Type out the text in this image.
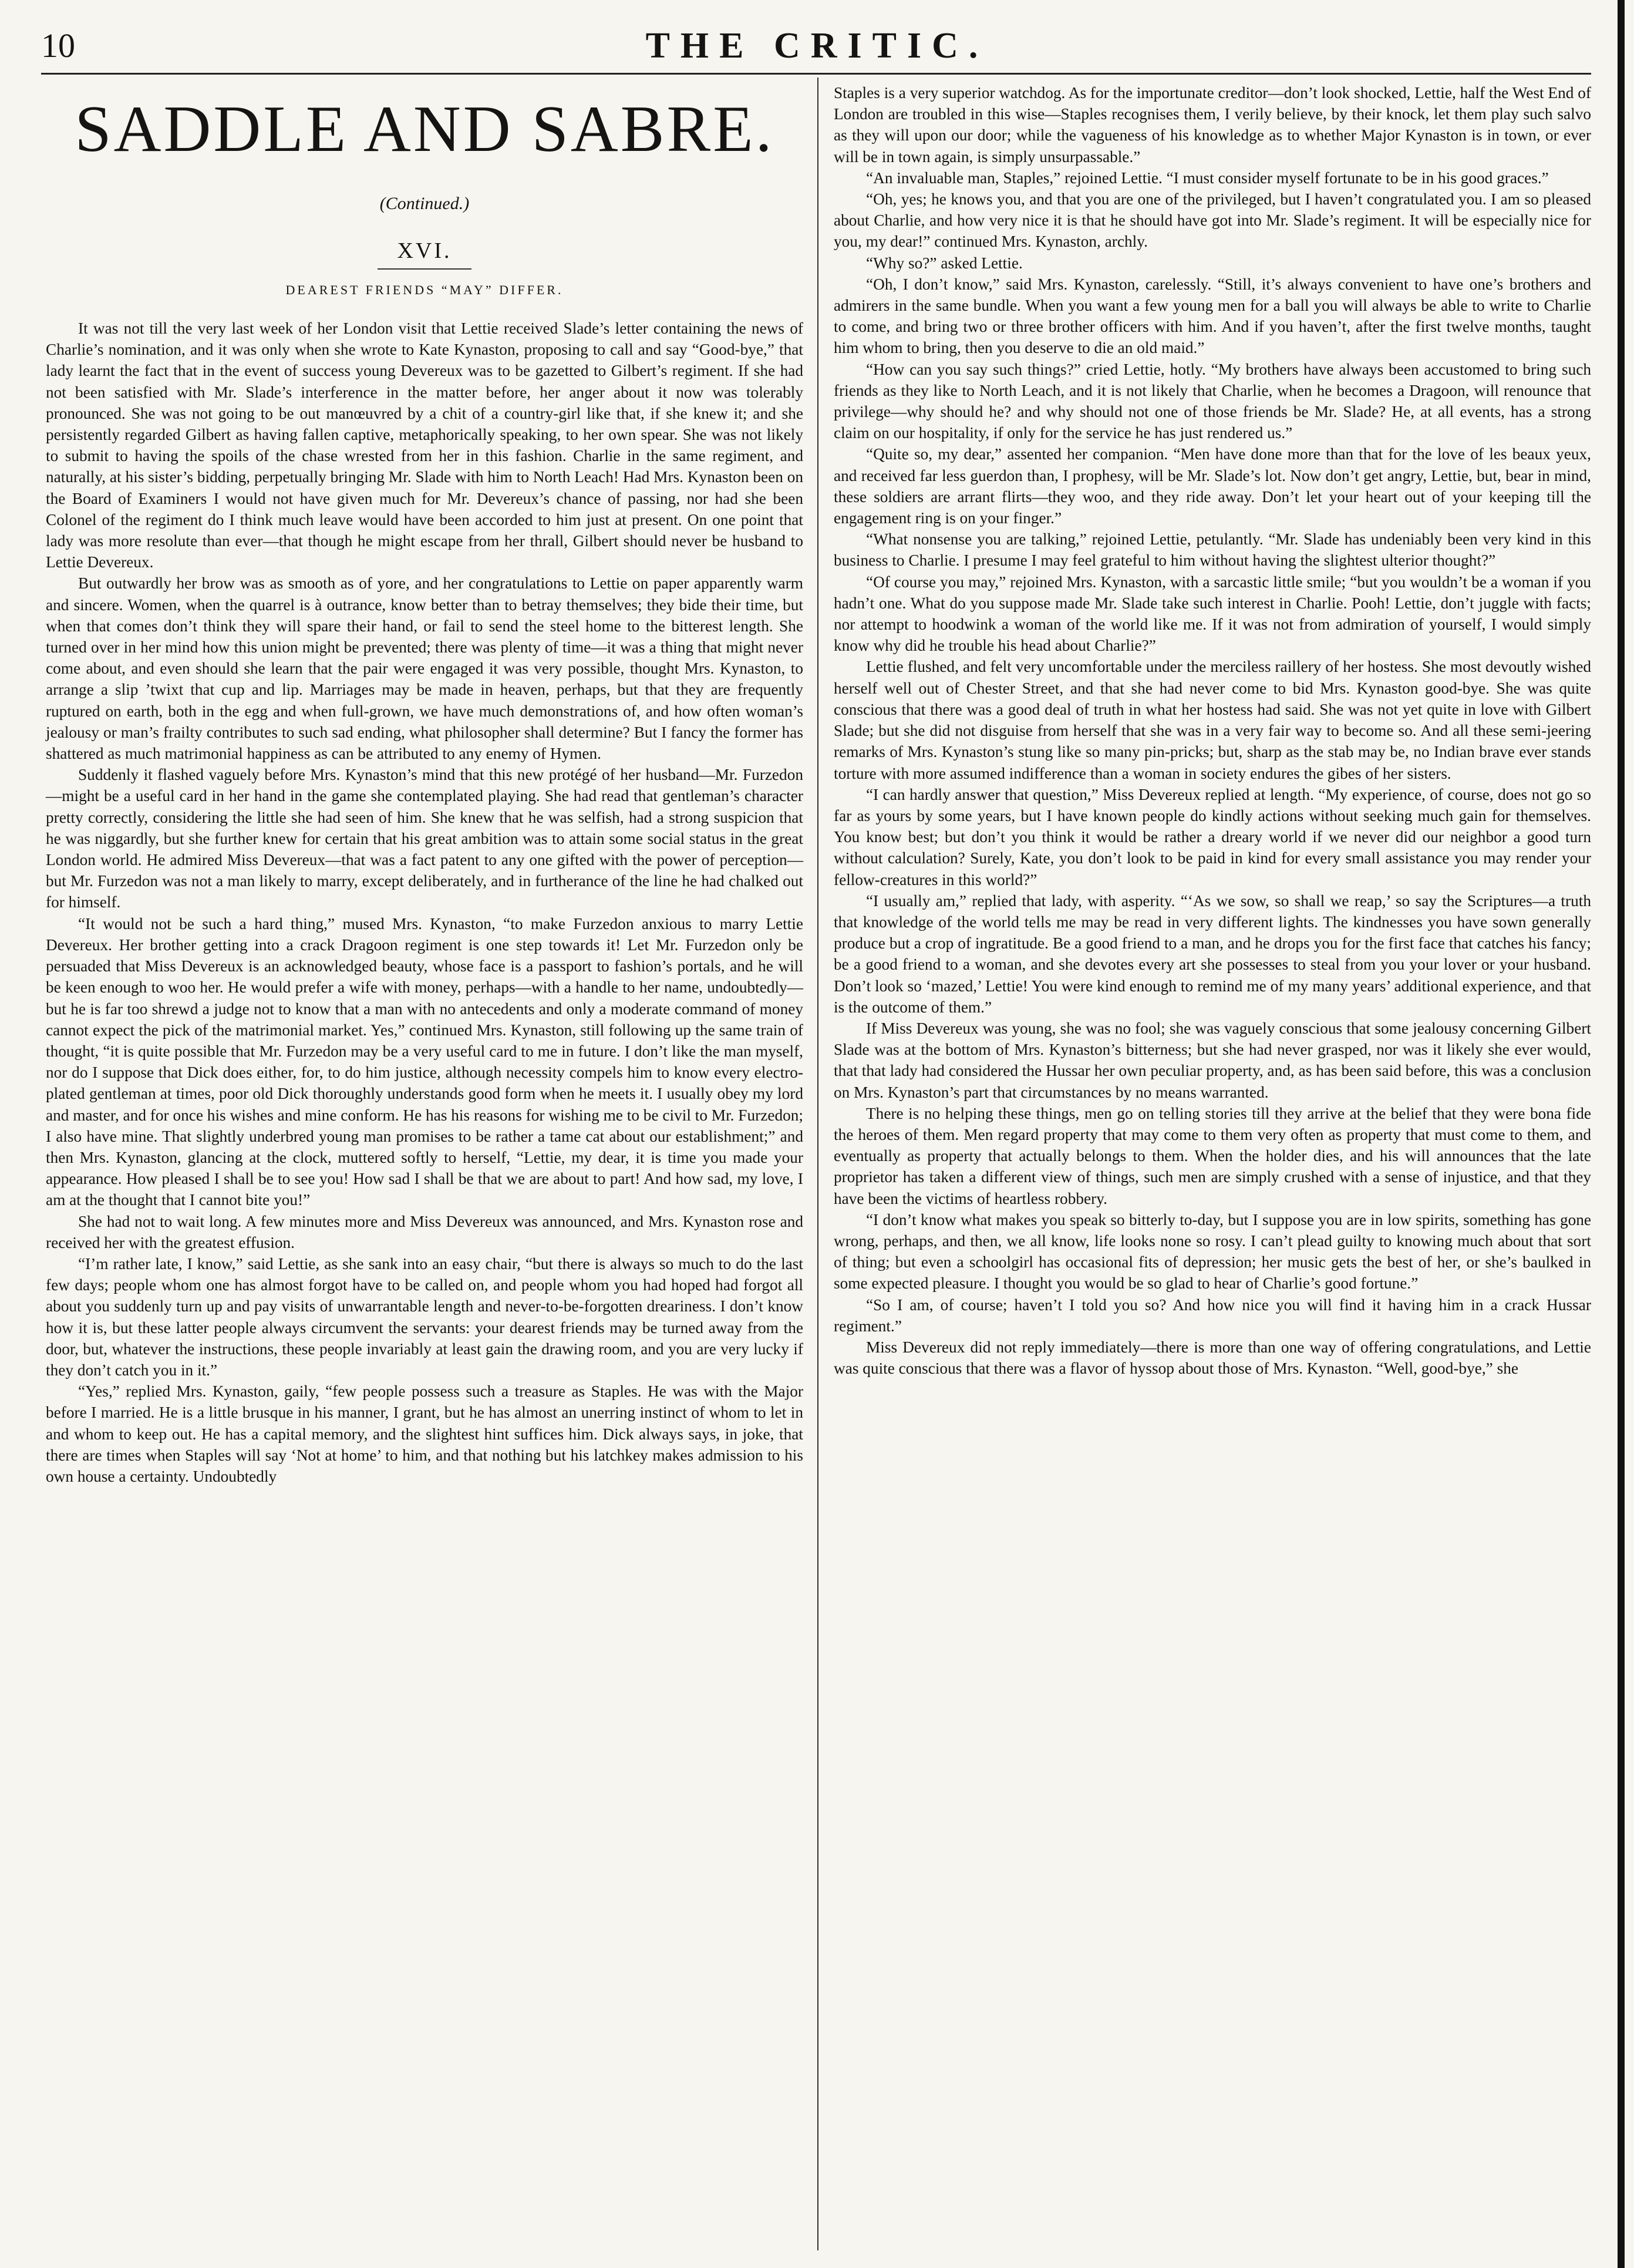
10	THE CRITIC.
SADDLE AND SABRE.
(Continued.)
XVI.
DEAREST FRIENDS “MAY” DIFFER.

It was not till the very last week of her London visit that Lettie received Slade’s letter containing the news of Charlie’s nomination, and it was only when she wrote to Kate Kynaston, proposing to call and say “Good-bye,” that lady learnt the fact that in the event of success young Devereux was to be gazetted to Gilbert’s regiment. If she had not been satisfied with Mr. Slade’s interference in the matter before, her anger about it now was tolerably pronounced. She was not going to be out manœuvred by a chit of a country-girl like that, if she knew it; and she persistently regarded Gilbert as having fallen captive, metaphorically speaking, to her own spear. She was not likely to submit to having the spoils of the chase wrested from her in this fashion. Charlie in the same regiment, and naturally, at his sister’s bidding, perpetually bringing Mr. Slade with him to North Leach! Had Mrs. Kynaston been on the Board of Examiners I would not have given much for Mr. Devereux’s chance of passing, nor had she been Colonel of the regiment do I think much leave would have been accorded to him just at present. On one point that lady was more resolute than ever—that though he might escape from her thrall, Gilbert should never be husband to Lettie Devereux.

But outwardly her brow was as smooth as of yore, and her congratulations to Lettie on paper apparently warm and sincere. Women, when the quarrel is à outrance, know better than to betray themselves; they bide their time, but when that comes don’t think they will spare their hand, or fail to send the steel home to the bitterest length. She turned over in her mind how this union might be prevented; there was plenty of time—it was a thing that might never come about, and even should she learn that the pair were engaged it was very possible, thought Mrs. Kynaston, to arrange a slip ’twixt that cup and lip. Marriages may be made in heaven, perhaps, but that they are frequently ruptured on earth, both in the egg and when full-grown, we have much demonstrations of, and how often woman’s jealousy or man’s frailty contributes to such sad ending, what philosopher shall determine? But I fancy the former has shattered as much matrimonial happiness as can be attributed to any enemy of Hymen.

Suddenly it flashed vaguely before Mrs. Kynaston’s mind that this new protégé of her husband—Mr. Furzedon—might be a useful card in her hand in the game she contemplated playing. She had read that gentleman’s character pretty correctly, considering the little she had seen of him. She knew that he was selfish, had a strong suspicion that he was niggardly, but she further knew for certain that his great ambition was to attain some social status in the great London world. He admired Miss Devereux—that was a fact patent to any one gifted with the power of perception—but Mr. Furzedon was not a man likely to marry, except deliberately, and in furtherance of the line he had chalked out for himself.

“It would not be such a hard thing,” mused Mrs. Kynaston, “to make Furzedon anxious to marry Lettie Devereux. Her brother getting into a crack Dragoon regiment is one step towards it! Let Mr. Furzedon only be persuaded that Miss Devereux is an acknowledged beauty, whose face is a passport to fashion’s portals, and he will be keen enough to woo her. He would prefer a wife with money, perhaps—with a handle to her name, undoubtedly—but he is far too shrewd a judge not to know that a man with no antecedents and only a moderate command of money cannot expect the pick of the matrimonial market. Yes,” continued Mrs. Kynaston, still following up the same train of thought, “it is quite possible that Mr. Furzedon may be a very useful card to me in future. I don’t like the man myself, nor do I suppose that Dick does either, for, to do him justice, although necessity compels him to know every electro-plated gentleman at times, poor old Dick thoroughly understands good form when he meets it. I usually obey my lord and master, and for once his wishes and mine conform. He has his reasons for wishing me to be civil to Mr. Furzedon; I also have mine. That slightly underbred young man promises to be rather a tame cat about our establishment;” and then Mrs. Kynaston, glancing at the clock, muttered softly to herself, “Lettie, my dear, it is time you made your appearance. How pleased I shall be to see you! How sad I shall be that we are about to part! And how sad, my love, I am at the thought that I cannot bite you!”

She had not to wait long. A few minutes more and Miss Devereux was announced, and Mrs. Kynaston rose and received her with the greatest effusion.

“I’m rather late, I know,” said Lettie, as she sank into an easy chair, “but there is always so much to do the last few days; people whom one has almost forgot have to be called on, and people whom you had hoped had forgot all about you suddenly turn up and pay visits of unwarrantable length and never-to-be-forgotten dreariness. I don’t know how it is, but these latter people always circumvent the servants: your dearest friends may be turned away from the door, but, whatever the instructions, these people invariably at least gain the drawing room, and you are very lucky if they don’t catch you in it.”

“Yes,” replied Mrs. Kynaston, gaily, “few people possess such a treasure as Staples. He was with the Major before I married. He is a little brusque in his manner, I grant, but he has almost an unerring instinct of whom to let in and whom to keep out. He has a capital memory, and the slightest hint suffices him. Dick always says, in joke, that there are times when Staples will say ‘Not at home’ to him, and that nothing but his latchkey makes admission to his own house a certainty. Undoubtedly

Staples is a very superior watchdog. As for the importunate creditor—don’t look shocked, Lettie, half the West End of London are troubled in this wise—Staples recognises them, I verily believe, by their knock, let them play such salvo as they will upon our door; while the vagueness of his knowledge as to whether Major Kynaston is in town, or ever will be in town again, is simply unsurpassable.”

“An invaluable man, Staples,” rejoined Lettie. “I must consider myself fortunate to be in his good graces.”

“Oh, yes; he knows you, and that you are one of the privileged, but I haven’t congratulated you. I am so pleased about Charlie, and how very nice it is that he should have got into Mr. Slade’s regiment. It will be especially nice for you, my dear!” continued Mrs. Kynaston, archly.

“Why so?” asked Lettie.

“Oh, I don’t know,” said Mrs. Kynaston, carelessly. “Still, it’s always convenient to have one’s brothers and admirers in the same bundle. When you want a few young men for a ball you will always be able to write to Charlie to come, and bring two or three brother officers with him. And if you haven’t, after the first twelve months, taught him whom to bring, then you deserve to die an old maid.”

“How can you say such things?” cried Lettie, hotly. “My brothers have always been accustomed to bring such friends as they like to North Leach, and it is not likely that Charlie, when he becomes a Dragoon, will renounce that privilege—why should he? and why should not one of those friends be Mr. Slade? He, at all events, has a strong claim on our hospitality, if only for the service he has just rendered us.”

“Quite so, my dear,” assented her companion. “Men have done more than that for the love of les beaux yeux, and received far less guerdon than, I prophesy, will be Mr. Slade’s lot. Now don’t get angry, Lettie, but, bear in mind, these soldiers are arrant flirts—they woo, and they ride away. Don’t let your heart out of your keeping till the engagement ring is on your finger.”

“What nonsense you are talking,” rejoined Lettie, petulantly. “Mr. Slade has undeniably been very kind in this business to Charlie. I presume I may feel grateful to him without having the slightest ulterior thought?”

“Of course you may,” rejoined Mrs. Kynaston, with a sarcastic little smile; “but you wouldn’t be a woman if you hadn’t one. What do you suppose made Mr. Slade take such interest in Charlie. Pooh! Lettie, don’t juggle with facts; nor attempt to hoodwink a woman of the world like me. If it was not from admiration of yourself, I would simply know why did he trouble his head about Charlie?”

Lettie flushed, and felt very uncomfortable under the merciless raillery of her hostess. She most devoutly wished herself well out of Chester Street, and that she had never come to bid Mrs. Kynaston good-bye. She was quite conscious that there was a good deal of truth in what her hostess had said. She was not yet quite in love with Gilbert Slade; but she did not disguise from herself that she was in a very fair way to become so. And all these semi-jeering remarks of Mrs. Kynaston’s stung like so many pin-pricks; but, sharp as the stab may be, no Indian brave ever stands torture with more assumed indifference than a woman in society endures the gibes of her sisters.

“I can hardly answer that question,” Miss Devereux replied at length. “My experience, of course, does not go so far as yours by some years, but I have known people do kindly actions without seeking much gain for themselves. You know best; but don’t you think it would be rather a dreary world if we never did our neighbor a good turn without calculation? Surely, Kate, you don’t look to be paid in kind for every small assistance you may render your fellow-creatures in this world?”

“I usually am,” replied that lady, with asperity. “‘As we sow, so shall we reap,’ so say the Scriptures—a truth that knowledge of the world tells me may be read in very different lights. The kindnesses you have sown generally produce but a crop of ingratitude. Be a good friend to a man, and he drops you for the first face that catches his fancy; be a good friend to a woman, and she devotes every art she possesses to steal from you your lover or your husband. Don’t look so ‘mazed,’ Lettie! You were kind enough to remind me of my many years’ additional experience, and that is the outcome of them.”

If Miss Devereux was young, she was no fool; she was vaguely conscious that some jealousy concerning Gilbert Slade was at the bottom of Mrs. Kynaston’s bitterness; but she had never grasped, nor was it likely she ever would, that that lady had considered the Hussar her own peculiar property, and, as has been said before, this was a conclusion on Mrs. Kynaston’s part that circumstances by no means warranted.

There is no helping these things, men go on telling stories till they arrive at the belief that they were bona fide the heroes of them. Men regard property that may come to them very often as property that must come to them, and eventually as property that actually belongs to them. When the holder dies, and his will announces that the late proprietor has taken a different view of things, such men are simply crushed with a sense of injustice, and that they have been the victims of heartless robbery.

“I don’t know what makes you speak so bitterly to-day, but I suppose you are in low spirits, something has gone wrong, perhaps, and then, we all know, life looks none so rosy. I can’t plead guilty to knowing much about that sort of thing; but even a schoolgirl has occasional fits of depression; her music gets the best of her, or she’s baulked in some expected pleasure. I thought you would be so glad to hear of Charlie’s good fortune.”

“So I am, of course; haven’t I told you so? And how nice you will find it having him in a crack Hussar regiment.”

Miss Devereux did not reply immediately—there is more than one way of offering congratulations, and Lettie was quite conscious that there was a flavor of hyssop about those of Mrs. Kynaston. “Well, good-bye,” she
